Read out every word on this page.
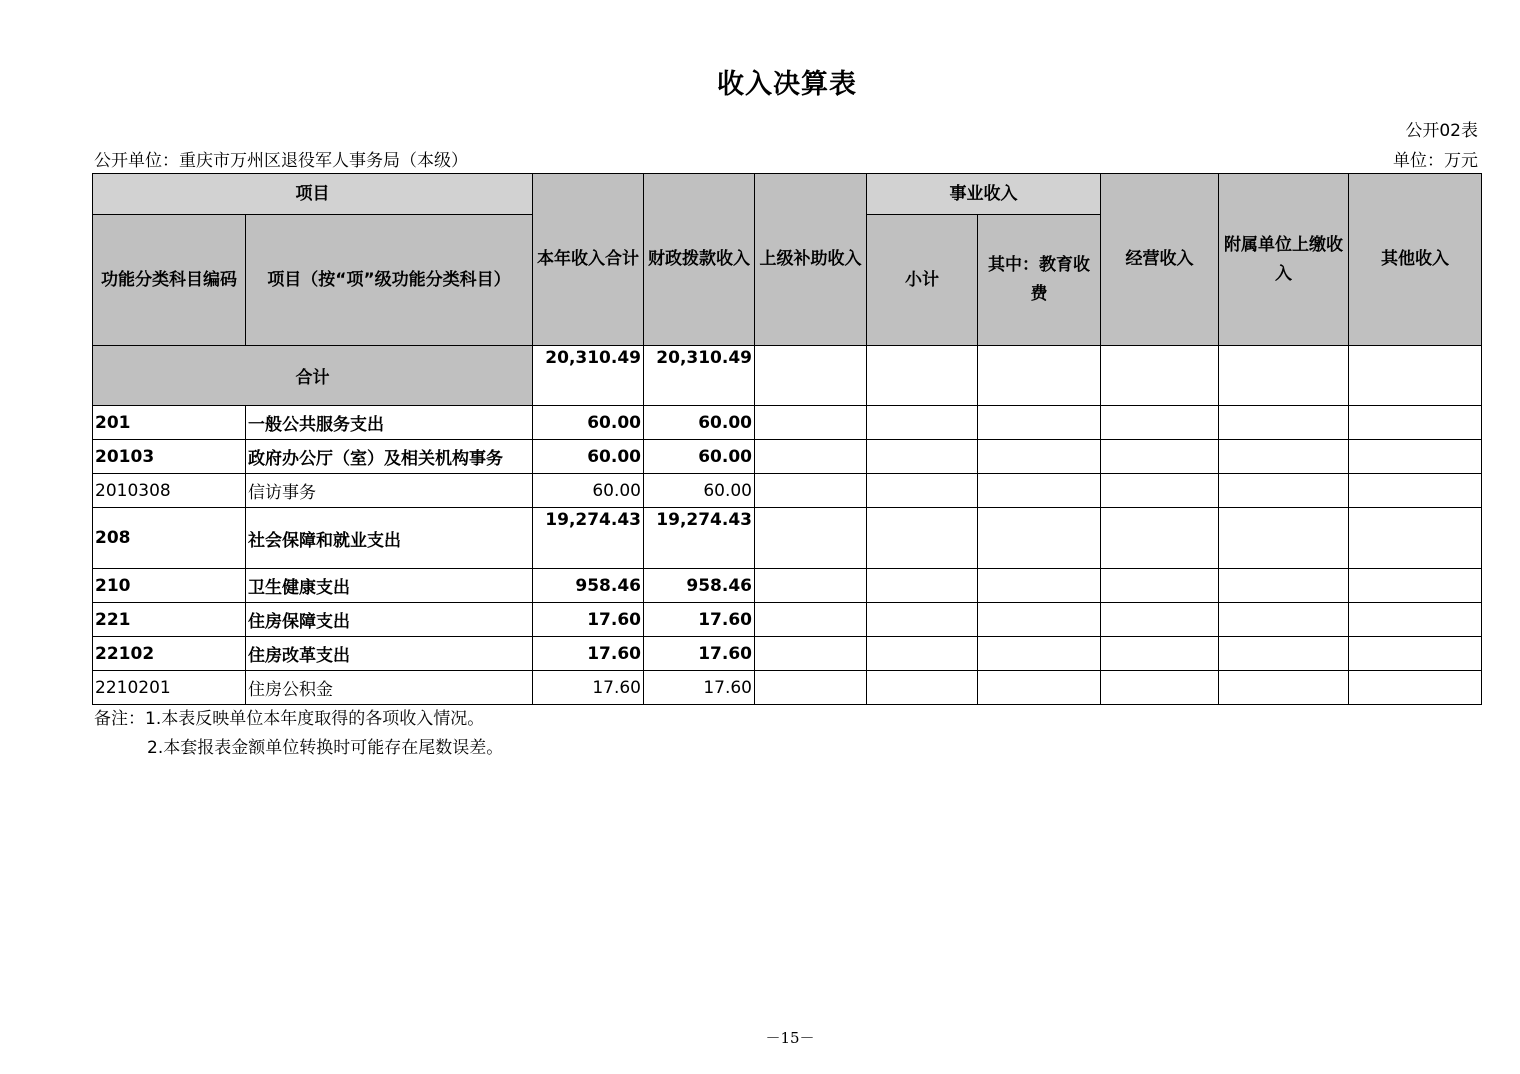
收入决算表
公开02表
公开单位：重庆市万州区退役军人事务局（本级）	单位：万元
项目		本年收入合计	财政拨款收入	上级补助收入	事业收入		经营收入	附属单位上缴收入	其他收入
功能分类科目编码	项目（按“项”级功能分类科目）				小计	其中：教育收费			
合计		20,310.49	20,310.49						
201	一般公共服务支出	60.00	60.00						
20103	政府办公厅（室）及相关机构事务	60.00	60.00						
2010308	信访事务	60.00	60.00						
208	社会保障和就业支出	19,274.43	19,274.43						
210	卫生健康支出	958.46	958.46						
221	住房保障支出	17.60	17.60						
22102	住房改革支出	17.60	17.60						
2210201	住房公积金	17.60	17.60						
备注：1.本表反映单位本年度取得的各项收入情况。
2.本套报表金额单位转换时可能存在尾数误差。
－15－
